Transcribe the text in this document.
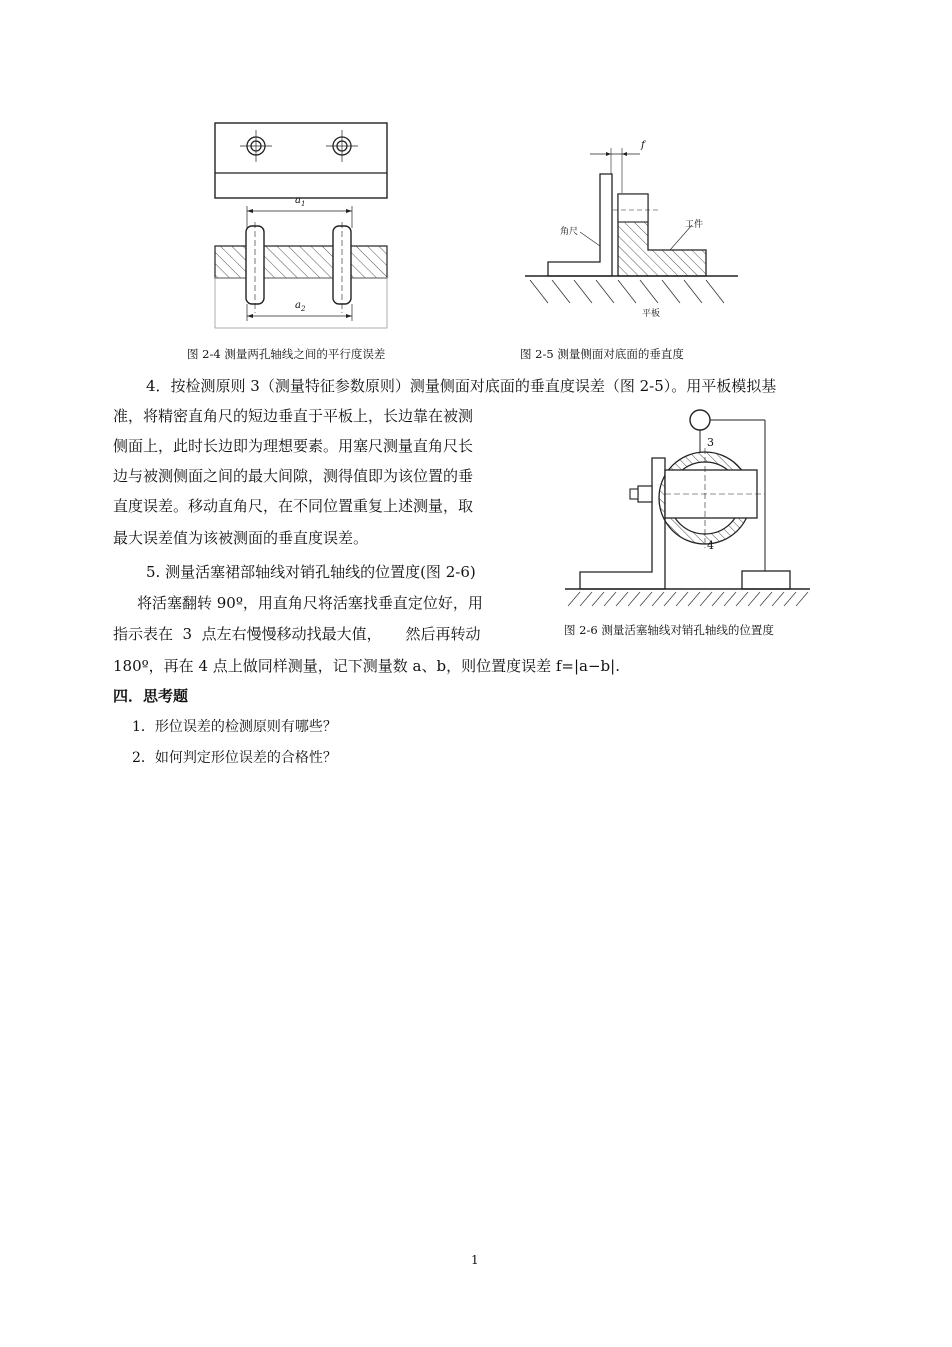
$a_1$
$a_2$
图 2-4 测量两孔轴线之间的平行度误差
f
角尺
工件
平板
图 2-5 测量侧面对底面的垂直度
4．按检测原则 3（测量特征参数原则）测量侧面对底面的垂直度误差（图 2-5）。用平板模拟基
准，将精密直角尺的短边垂直于平板上，长边靠在被测
侧面上，此时长边即为理想要素。用塞尺测量直角尺长
边与被测侧面之间的最大间隙，测得值即为该位置的垂
直度误差。移动直角尺，在不同位置重复上述测量，取
最大误差值为该被测面的垂直度误差。
3
4
图 2-6 测量活塞轴线对销孔轴线的位置度
5. 测量活塞裙部轴线对销孔轴线的位置度(图 2-6)
将活塞翻转 90º，用直角尺将活塞找垂直定位好，用
指示表在  3  点左右慢慢移动找最大值，     然后再转动
180º，再在 4 点上做同样测量，记下测量数 a、b，则位置度误差 f=|a−b|.
四．思考题
1．形位误差的检测原则有哪些？
2．如何判定形位误差的合格性？
1
